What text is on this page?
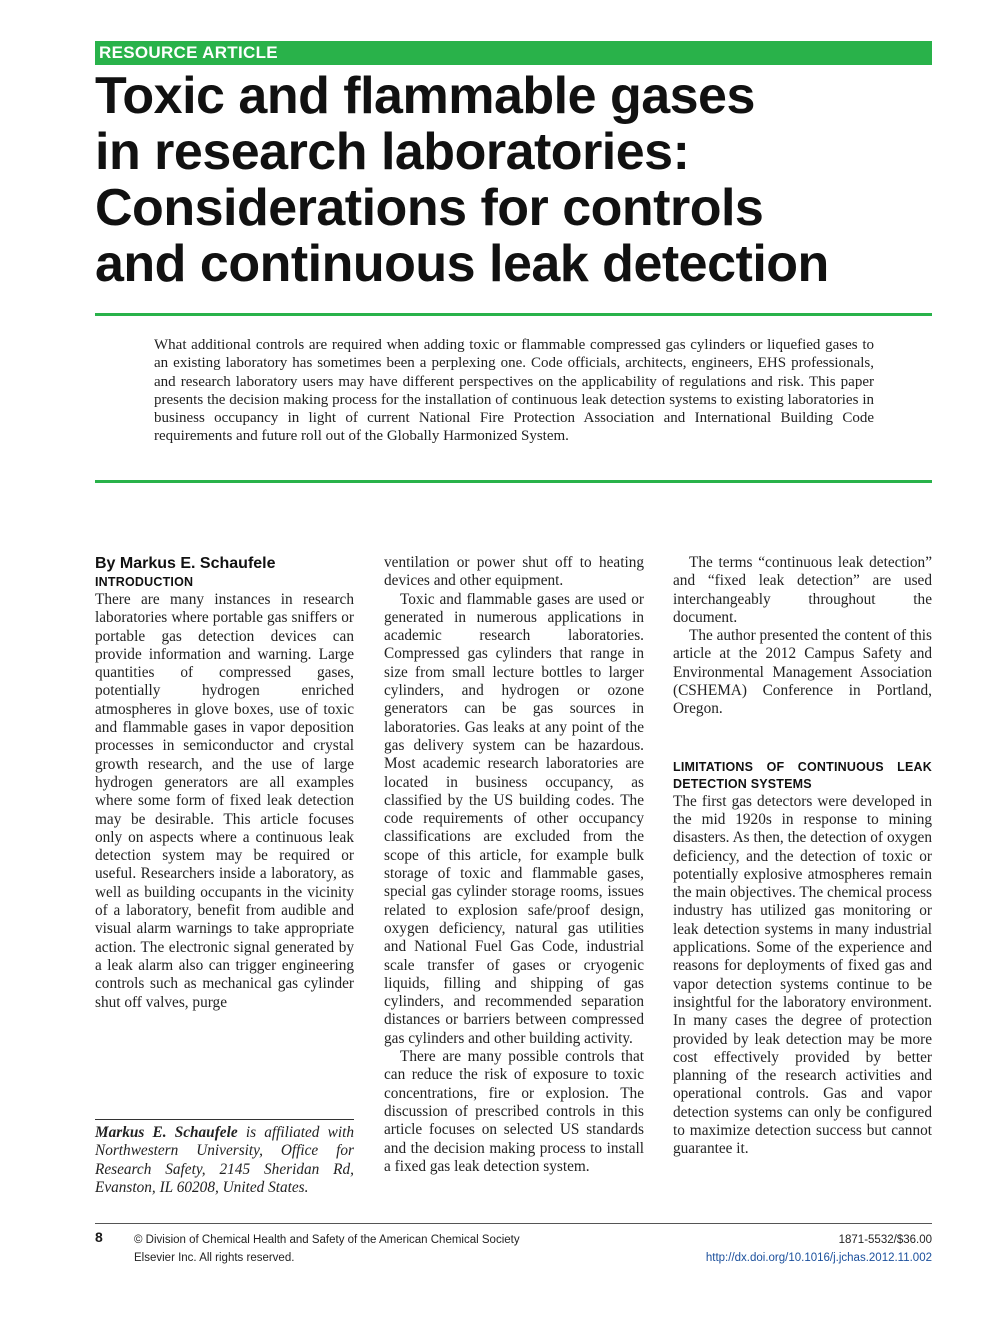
RESOURCE ARTICLE
Toxic and flammable gases
in research laboratories:
Considerations for controls
and continuous leak detection

What additional controls are required when adding toxic or flammable compressed gas cylinders or liquefied gases to an existing laboratory has sometimes been a perplexing one. Code officials, architects, engineers, EHS professionals, and research laboratory users may have different perspectives on the applicability of regulations and risk. This paper presents the decision making process for the installation of continuous leak detection systems to existing laboratories in business occupancy in light of current National Fire Protection Association and International Building Code requirements and future roll out of the Globally Harmonized System.

By Markus E. Schaufele

INTRODUCTION

There are many instances in research laboratories where portable gas sniffers or portable gas detection devices can provide information and warning. Large quantities of compressed gases, potentially hydrogen enriched atmospheres in glove boxes, use of toxic and flammable gases in vapor deposition processes in semiconductor and crystal growth research, and the use of large hydrogen generators are all examples where some form of fixed leak detection may be desirable. This article focuses only on aspects where a continuous leak detection system may be required or useful. Researchers inside a laboratory, as well as building occupants in the vicinity of a laboratory, benefit from audible and visual alarm warnings to take appropriate action. The electronic signal generated by a leak alarm also can trigger engineering controls such as mechanical gas cylinder shut off valves, purge

Markus E. Schaufele is affiliated with Northwestern University, Office for Research Safety, 2145 Sheridan Rd, Evanston, IL 60208, United States.

ventilation or power shut off to heating devices and other equipment.

Toxic and flammable gases are used or generated in numerous applications in academic research laboratories. Compressed gas cylinders that range in size from small lecture bottles to larger cylinders, and hydrogen or ozone generators can be gas sources in laboratories. Gas leaks at any point of the gas delivery system can be hazardous. Most academic research laboratories are located in business occupancy, as classified by the US building codes. The code requirements of other occupancy classifications are excluded from the scope of this article, for example bulk storage of toxic and flammable gases, special gas cylinder storage rooms, issues related to explosion safe/proof design, oxygen deficiency, natural gas utilities and National Fuel Gas Code, industrial scale transfer of gases or cryogenic liquids, filling and shipping of gas cylinders, and recommended separation distances or barriers between compressed gas cylinders and other building activity.

There are many possible controls that can reduce the risk of exposure to toxic concentrations, fire or explosion. The discussion of prescribed controls in this article focuses on selected US standards and the decision making process to install a fixed gas leak detection system.

The terms “continuous leak detection” and “fixed leak detection” are used interchangeably throughout the document.

The author presented the content of this article at the 2012 Campus Safety and Environmental Management Association (CSHEMA) Conference in Portland, Oregon.

LIMITATIONS OF CONTINUOUS LEAK DETECTION SYSTEMS

The first gas detectors were developed in the mid 1920s in response to mining disasters. As then, the detection of oxygen deficiency, and the detection of toxic or potentially explosive atmospheres remain the main objectives. The chemical process industry has utilized gas monitoring or leak detection systems in many industrial applications. Some of the experience and reasons for deployments of fixed gas and vapor detection systems continue to be insightful for the laboratory environment. In many cases the degree of protection provided by leak detection may be more cost effectively provided by better planning of the research activities and operational controls. Gas and vapor detection systems can only be configured to maximize detection success but cannot guarantee it.

8	© Division of Chemical Health and Safety of the American Chemical Society
Elsevier Inc. All rights reserved.

1871-5532/$36.00
http://dx.doi.org/10.1016/j.jchas.2012.11.002
